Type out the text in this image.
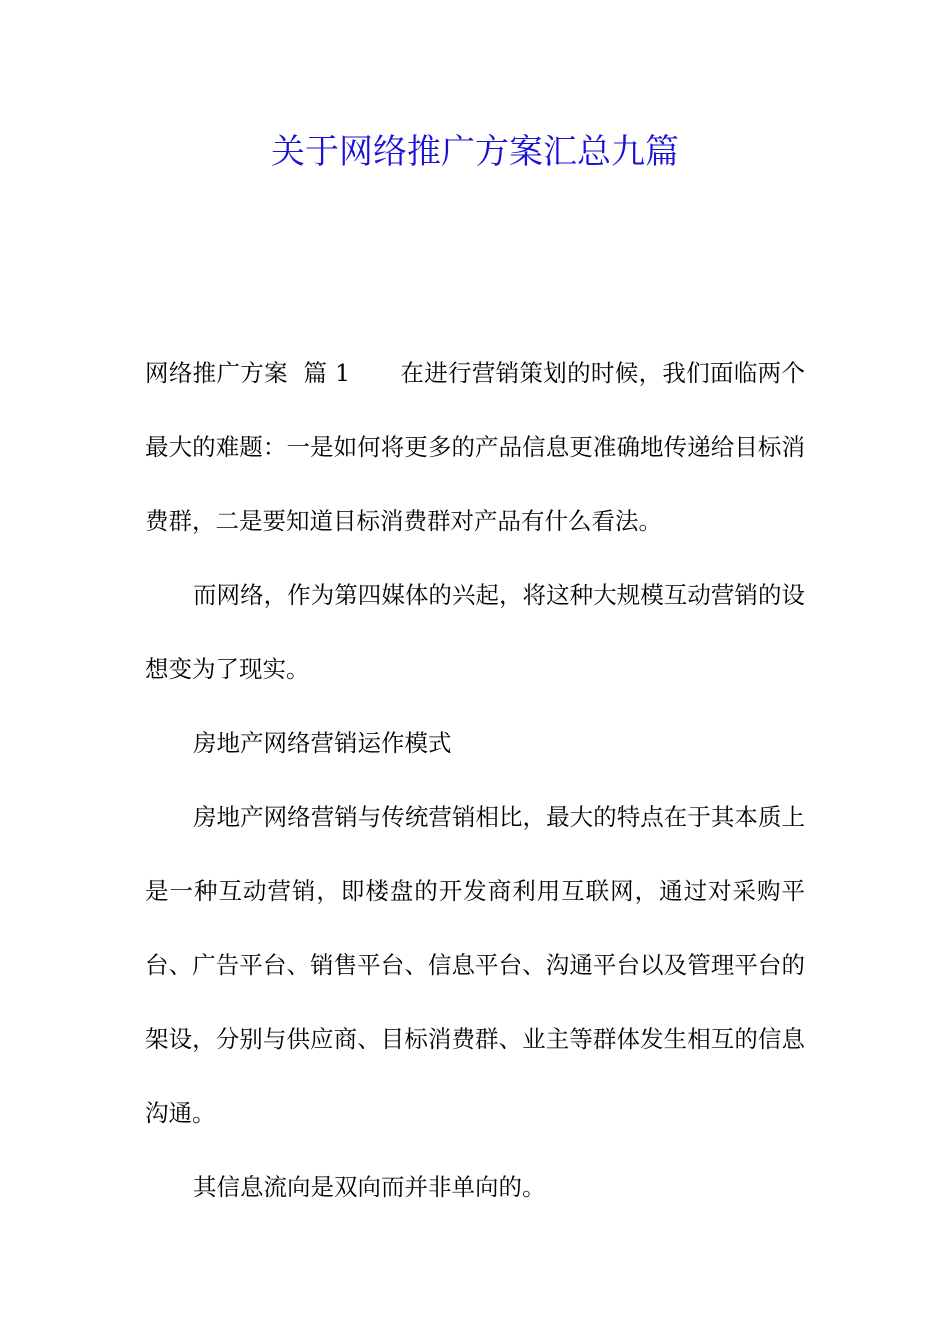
关于网络推广方案汇总九篇

网络推广方案  篇 1 在进行营销策划的时候，我们面临两个最大的难题：一是如何将更多的产品信息更准确地传递给目标消费群，二是要知道目标消费群对产品有什么看法。

而网络，作为第四媒体的兴起，将这种大规模互动营销的设想变为了现实。

房地产网络营销运作模式

房地产网络营销与传统营销相比，最大的特点在于其本质上是一种互动营销，即楼盘的开发商利用互联网，通过对采购平台、广告平台、销售平台、信息平台、沟通平台以及管理平台的架设，分别与供应商、目标消费群、业主等群体发生相互的信息沟通。

其信息流向是双向而并非单向的。
